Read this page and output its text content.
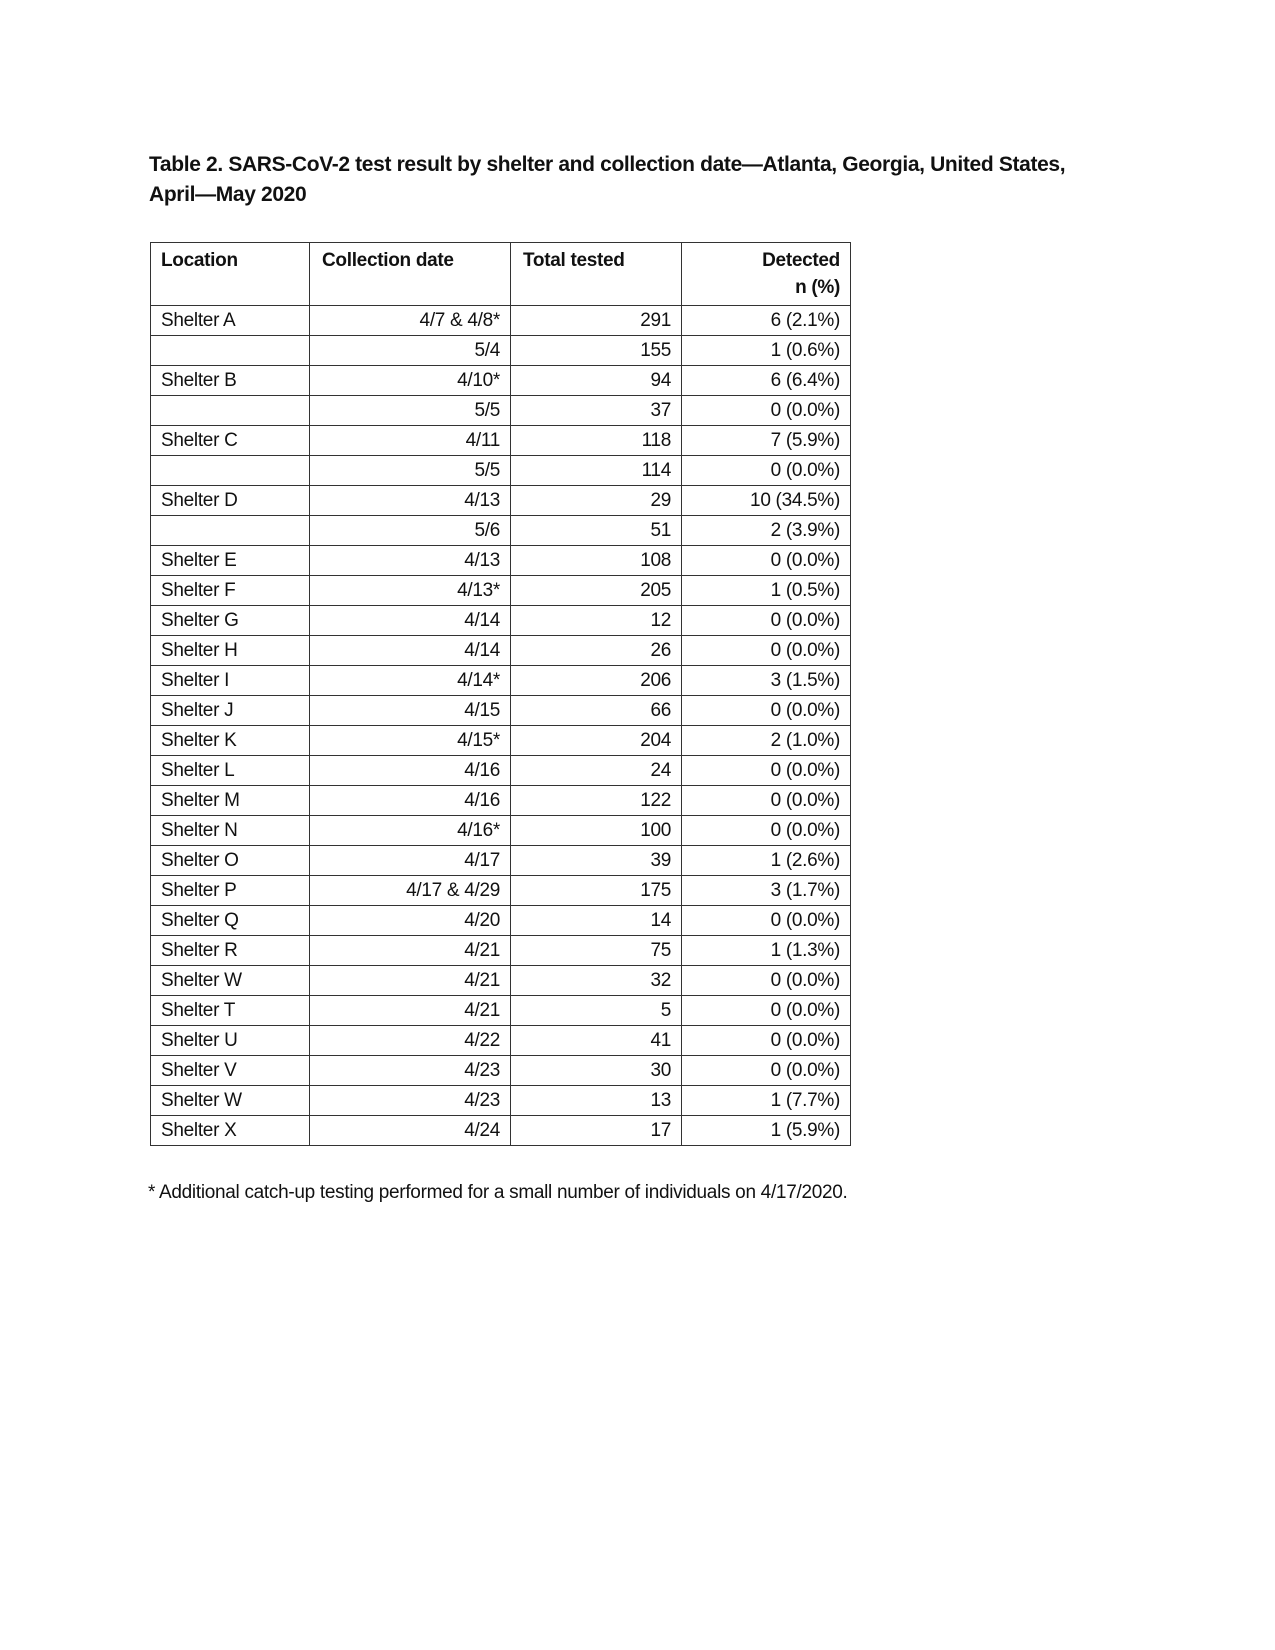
Table 2. SARS-CoV-2 test result by shelter and collection date—Atlanta, Georgia, United States, April—May 2020
Location	Collection date	Total tested	Detected
n (%)

Shelter A	4/7 & 4/8*	291	6 (2.1%)
	5/4	155	1 (0.6%)
Shelter B	4/10*	94	6 (6.4%)
	5/5	37	0 (0.0%)
Shelter C	4/11	118	7 (5.9%)
	5/5	114	0 (0.0%)
Shelter D	4/13	29	10 (34.5%)
	5/6	51	2 (3.9%)
Shelter E	4/13	108	0 (0.0%)
Shelter F	4/13*	205	1 (0.5%)
Shelter G	4/14	12	0 (0.0%)
Shelter H	4/14	26	0 (0.0%)
Shelter I	4/14*	206	3 (1.5%)
Shelter J	4/15	66	0 (0.0%)
Shelter K	4/15*	204	2 (1.0%)
Shelter L	4/16	24	0 (0.0%)
Shelter M	4/16	122	0 (0.0%)
Shelter N	4/16*	100	0 (0.0%)
Shelter O	4/17	39	1 (2.6%)
Shelter P	4/17 & 4/29	175	3 (1.7%)
Shelter Q	4/20	14	0 (0.0%)
Shelter R	4/21	75	1 (1.3%)
Shelter W	4/21	32	0 (0.0%)
Shelter T	4/21	5	0 (0.0%)
Shelter U	4/22	41	0 (0.0%)
Shelter V	4/23	30	0 (0.0%)
Shelter W	4/23	13	1 (7.7%)
Shelter X	4/24	17	1 (5.9%)
* Additional catch-up testing performed for a small number of individuals on 4/17/2020.
